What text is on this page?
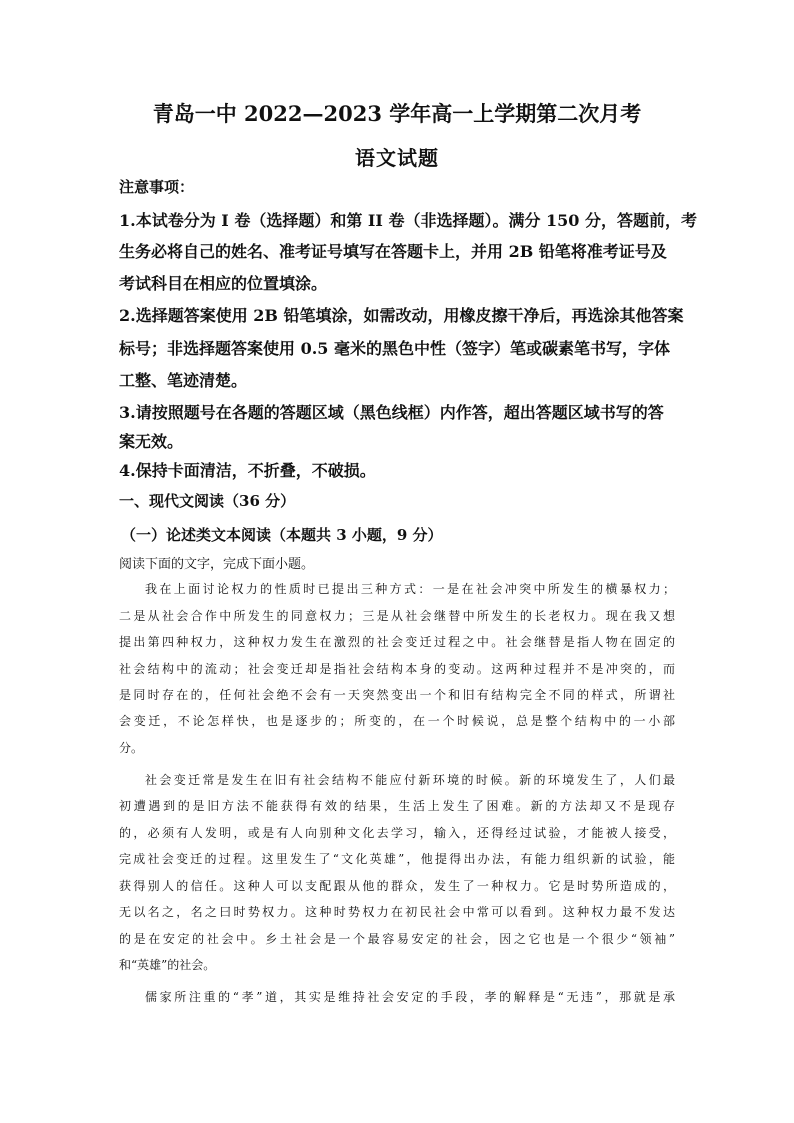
青岛一中 2022—2023 学年高一上学期第二次月考
语文试题

注意事项：

1.本试卷分为 I 卷（选择题）和第 II 卷（非选择题）。满分 150 分，答题前，考

生务必将自己的姓名、准考证号填写在答题卡上，并用 2B 铅笔将准考证号及

考试科目在相应的位置填涂。

2.选择题答案使用 2B 铅笔填涂，如需改动，用橡皮擦干净后，再选涂其他答案

标号；非选择题答案使用 0.5 毫米的黑色中性（签字）笔或碳素笔书写，字体

工整、笔迹清楚。

3.请按照题号在各题的答题区域（黑色线框）内作答，超出答题区域书写的答

案无效。

4.保持卡面清洁，不折叠，不破损。

一、现代文阅读（36 分）

（一）论述类文本阅读（本题共 3 小题，9 分）

阅读下面的文字，完成下面小题。

我在上面讨论权力的性质时已提出三种方式：一是在社会冲突中所发生的横暴权力；

二是从社会合作中所发生的同意权力；三是从社会继替中所发生的长老权力。现在我又想

提出第四种权力，这种权力发生在激烈的社会变迁过程之中。社会继替是指人物在固定的

社会结构中的流动；社会变迁却是指社会结构本身的变动。这两种过程并不是冲突的，而

是同时存在的，任何社会绝不会有一天突然变出一个和旧有结构完全不同的样式，所谓社

会变迁，不论怎样快，也是逐步的；所变的，在一个时候说，总是整个结构中的一小部

分。

社会变迁常是发生在旧有社会结构不能应付新环境的时候。新的环境发生了，人们最

初遭遇到的是旧方法不能获得有效的结果，生活上发生了困难。新的方法却又不是现存

的，必须有人发明，或是有人向别种文化去学习，输入，还得经过试验，才能被人接受，

完成社会变迁的过程。这里发生了“文化英雄”，他提得出办法，有能力组织新的试验，能

获得别人的信任。这种人可以支配跟从他的群众，发生了一种权力。它是时势所造成的，

无以名之，名之曰时势权力。这种时势权力在初民社会中常可以看到。这种权力最不发达

的是在安定的社会中。乡土社会是一个最容易安定的社会，因之它也是一个很少“领袖”

和“英雄”的社会。

儒家所注重的“孝”道，其实是维持社会安定的手段，孝的解释是“无违”，那就是承
